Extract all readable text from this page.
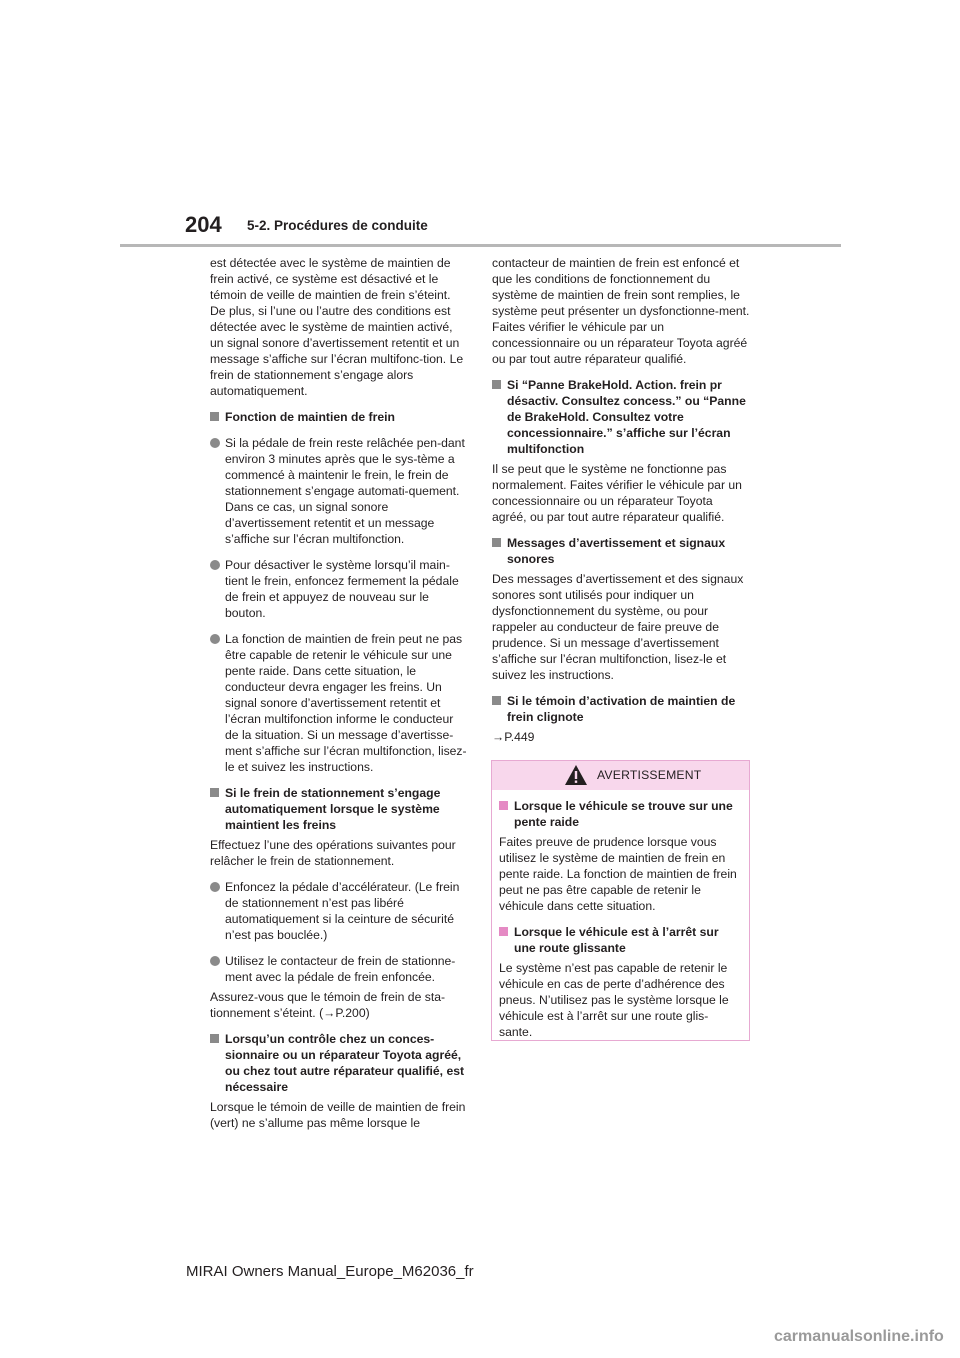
204 5-2. Procédures de conduite

est détectée avec le système de maintien de frein activé, ce système est désactivé et le témoin de veille de maintien de frein s’éteint. De plus, si l’une ou l’autre des conditions est détectée avec le système de maintien activé, un signal sonore d’avertissement retentit et un message s’affiche sur l’écran multifonc-tion. Le frein de stationnement s’engage alors automatiquement.

Fonction de maintien de frein
Si la pédale de frein reste relâchée pen-dant environ 3 minutes après que le sys-tème a commencé à maintenir le frein, le frein de stationnement s’engage automati-quement. Dans ce cas, un signal sonore d’avertissement retentit et un message s’affiche sur l’écran multifonction.
Pour désactiver le système lorsqu’il main-tient le frein, enfoncez fermement la pédale de frein et appuyez de nouveau sur le bouton.
La fonction de maintien de frein peut ne pas être capable de retenir le véhicule sur une pente raide. Dans cette situation, le conducteur devra engager les freins. Un signal sonore d’avertissement retentit et l’écran multifonction informe le conducteur de la situation. Si un message d’avertisse-ment s’affiche sur l’écran multifonction, lisez-le et suivez les instructions.
Si le frein de stationnement s’engage automatiquement lorsque le système maintient les freins

Effectuez l’une des opérations suivantes pour relâcher le frein de stationnement.

Enfoncez la pédale d’accélérateur. (Le frein de stationnement n’est pas libéré automatiquement si la ceinture de sécurité n’est pas bouclée.)
Utilisez le contacteur de frein de stationne-ment avec la pédale de frein enfoncée.

Assurez-vous que le témoin de frein de sta-tionnement s’éteint. (→P.200)

Lorsqu’un contrôle chez un conces-sionnaire ou un réparateur Toyota agréé, ou chez tout autre réparateur qualifié, est nécessaire

Lorsque le témoin de veille de maintien de frein (vert) ne s’allume pas même lorsque le

contacteur de maintien de frein est enfoncé et que les conditions de fonctionnement du système de maintien de frein sont remplies, le système peut présenter un dysfonctionne-ment. Faites vérifier le véhicule par un concessionnaire ou un réparateur Toyota agréé ou par tout autre réparateur qualifié.

Si “Panne BrakeHold. Action. frein pr désactiv. Consultez concess.” ou “Panne de BrakeHold. Consultez votre concessionnaire.” s’affiche sur l’écran multifonction

Il se peut que le système ne fonctionne pas normalement. Faites vérifier le véhicule par un concessionnaire ou un réparateur Toyota agréé, ou par tout autre réparateur qualifié.

Messages d’avertissement et signaux sonores

Des messages d’avertissement et des signaux sonores sont utilisés pour indiquer un dysfonctionnement du système, ou pour rappeler au conducteur de faire preuve de prudence. Si un message d’avertissement s’affiche sur l’écran multifonction, lisez-le et suivez les instructions.

Si le témoin d’activation de maintien de frein clignote

→P.449

AVERTISSEMENT
Lorsque le véhicule se trouve sur une pente raide

Faites preuve de prudence lorsque vous utilisez le système de maintien de frein en pente raide. La fonction de maintien de frein peut ne pas être capable de retenir le véhicule dans cette situation.

Lorsque le véhicule est à l’arrêt sur une route glissante

Le système n’est pas capable de retenir le véhicule en cas de perte d’adhérence des pneus. N’utilisez pas le système lorsque le véhicule est à l’arrêt sur une route glis-sante.

MIRAI Owners Manual_Europe_M62036_fr
carmanualsonline.info
